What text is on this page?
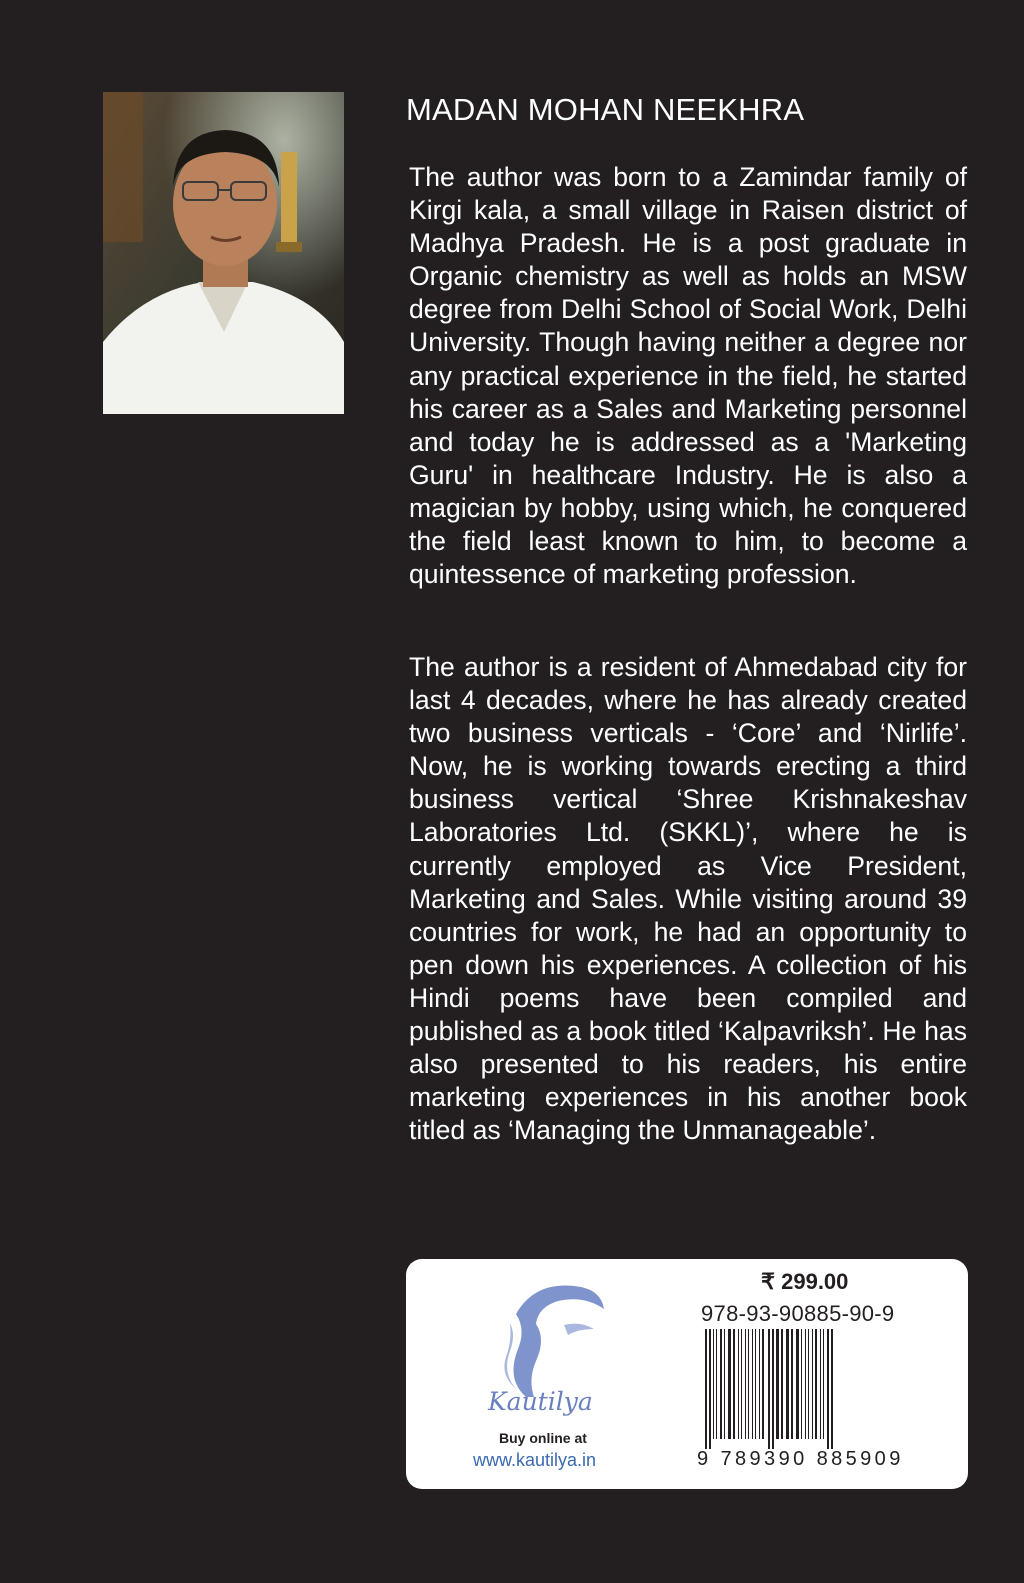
MADAN MOHAN NEEKHRA

The author was born to a Zamindar family of Kirgi kala, a small village in Raisen district of Madhya Pradesh. He is a post graduate in Organic chemistry as well as holds an MSW degree from Delhi School of Social Work, Delhi University. Though having neither a degree nor any practical experience in the field, he started his career as a Sales and Marketing personnel and today he is addressed as a 'Marketing Guru' in healthcare Industry. He is also a magician by hobby, using which, he conquered the field least known to him, to become a quintessence of marketing profession.

The author is a resident of Ahmedabad city for last 4 decades, where he has already created two business verticals - ‘Core’ and ‘Nirlife’. Now, he is working towards erecting a third business vertical ‘Shree Krishnakeshav Laboratories Ltd. (SKKL)’, where he is currently employed as Vice President, Marketing and Sales. While visiting around 39 countries for work, he had an opportunity to pen down his experiences. A collection of his Hindi poems have been compiled and published as a book titled ‘Kalpavriksh’. He has also presented to his readers, his entire marketing experiences in his another book titled as ‘Managing the Unmanageable’.

Kautilya
Buy online at
www.kautilya.in
₹ 299.00
978-93-90885-90-9
9 789390 885909
